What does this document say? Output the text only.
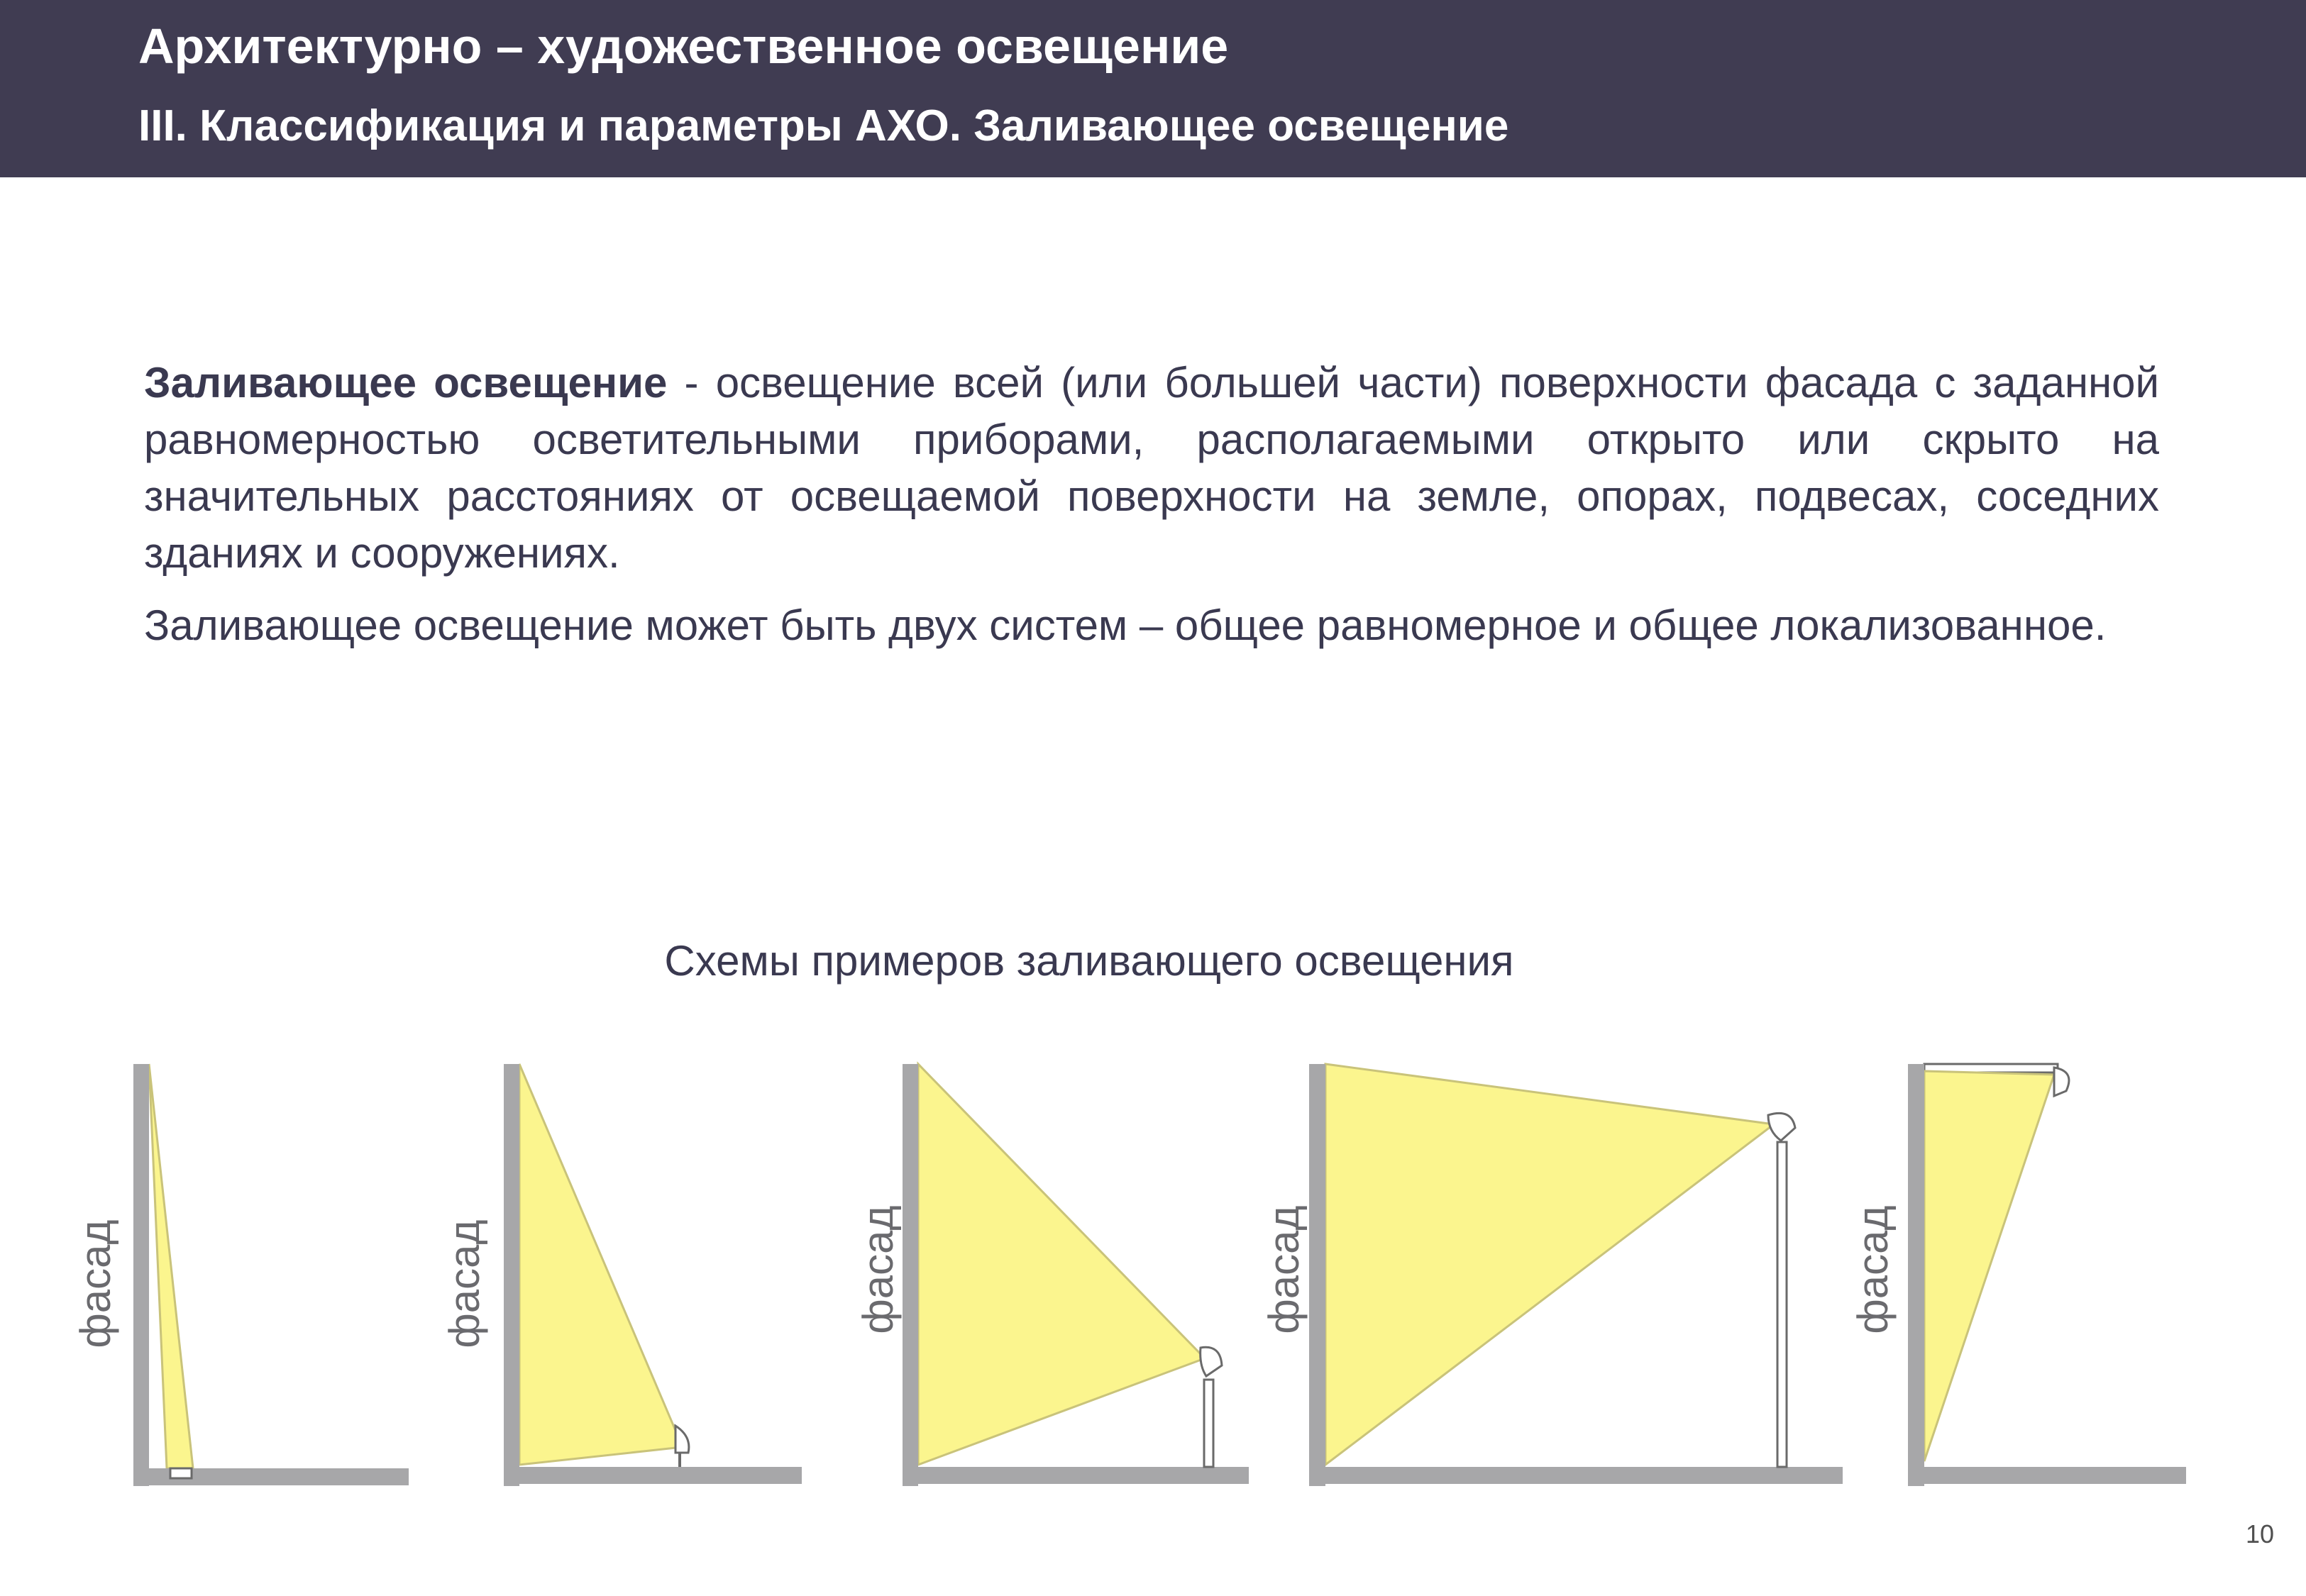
Архитектурно – художественное освещение
III. Классификация и параметры АХО. Заливающее освещение

Заливающее освещение - освещение всей (или большей части) поверхности фасада с заданной равномерностью осветительными приборами, располагаемыми открыто или скрыто на значительных расстояниях от освещаемой поверхности на земле, опорах, подвесах, соседних зданиях и сооружениях.

Заливающее освещение может быть двух систем – общее равномерное и общее локализованное.

Схемы примеров заливающего освещения
фасад	фасад	фасад	фасад	фасад
10
